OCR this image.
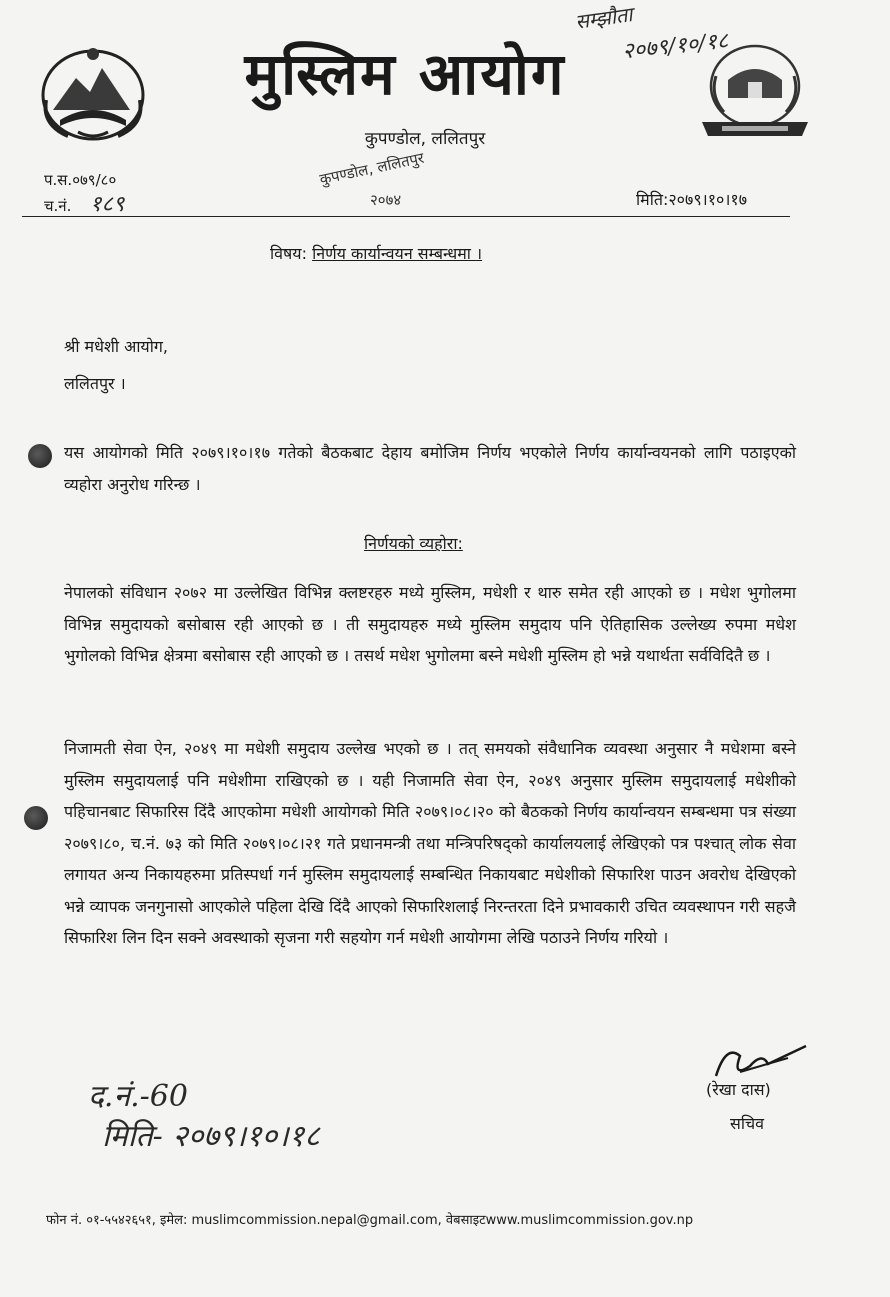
मुस्लिम आयोग
कुपण्डोल, ललितपुर
कुपण्डोल, ललितपुर
२०७४
सम्झौता
२०७९/१०/१८
प.स.०७९/८०
च.नं. १८९	मिति:२०७९।१०।१७
विषय: निर्णय कार्यान्वयन सम्बन्धमा ।
श्री मधेशी आयोग,
ललितपुर ।
यस आयोगको मिति २०७९।१०।१७ गतेको बैठकबाट देहाय बमोजिम निर्णय भएकोले निर्णय कार्यान्वयनको लागि पठाइएको व्यहोरा अनुरोध गरिन्छ ।
निर्णयको व्यहोरा:
नेपालको संविधान २०७२ मा उल्लेखित विभिन्न क्लष्टरहरु मध्ये मुस्लिम, मधेशी र थारु समेत रही आएको छ । मधेश भुगोलमा विभिन्न समुदायको बसोबास रही आएको छ । ती समुदायहरु मध्ये मुस्लिम समुदाय पनि ऐतिहासिक उल्लेख्य रुपमा मधेश भुगोलको विभिन्न क्षेत्रमा बसोबास रही आएको छ । तसर्थ मधेश भुगोलमा बस्ने मधेशी मुस्लिम हो भन्ने यथार्थता सर्वविदितै छ ।
निजामती सेवा ऐन, २०४९ मा मधेशी समुदाय उल्लेख भएको छ । तत् समयको संवैधानिक व्यवस्था अनुसार नै मधेशमा बस्ने मुस्लिम समुदायलाई पनि मधेशीमा राखिएको छ । यही निजामति सेवा ऐन, २०४९ अनुसार मुस्लिम समुदायलाई मधेशीको पहिचानबाट सिफारिस दिंदै आएकोमा मधेशी आयोगको मिति २०७९।०८।२० को बैठकको निर्णय कार्यान्वयन सम्बन्धमा पत्र संख्या २०७९।८०, च.नं. ७३ को मिति २०७९।०८।२१ गते प्रधानमन्त्री तथा मन्त्रिपरिषद्को कार्यालयलाई लेखिएको पत्र पश्चात् लोक सेवा लगायत अन्य निकायहरुमा प्रतिस्पर्धा गर्न मुस्लिम समुदायलाई सम्बन्धित निकायबाट मधेशीको सिफारिश पाउन अवरोध देखिएको भन्ने व्यापक जनगुनासो आएकोले पहिला देखि दिंदै आएको सिफारिशलाई निरन्तरता दिने प्रभावकारी उचित व्यवस्थापन गरी सहजै सिफारिश लिन दिन सक्ने अवस्थाको सृजना गरी सहयोग गर्न मधेशी आयोगमा लेखि पठाउने निर्णय गरियो ।
(रेखा दास)
सचिव
द.नं.-60
मिति- २०७९।१०।१८
फोन नं. ०१-५५४२६५१, इमेल: muslimcommission.nepal@gmail.com, वेबसाइटwww.muslimcommission.gov.np
